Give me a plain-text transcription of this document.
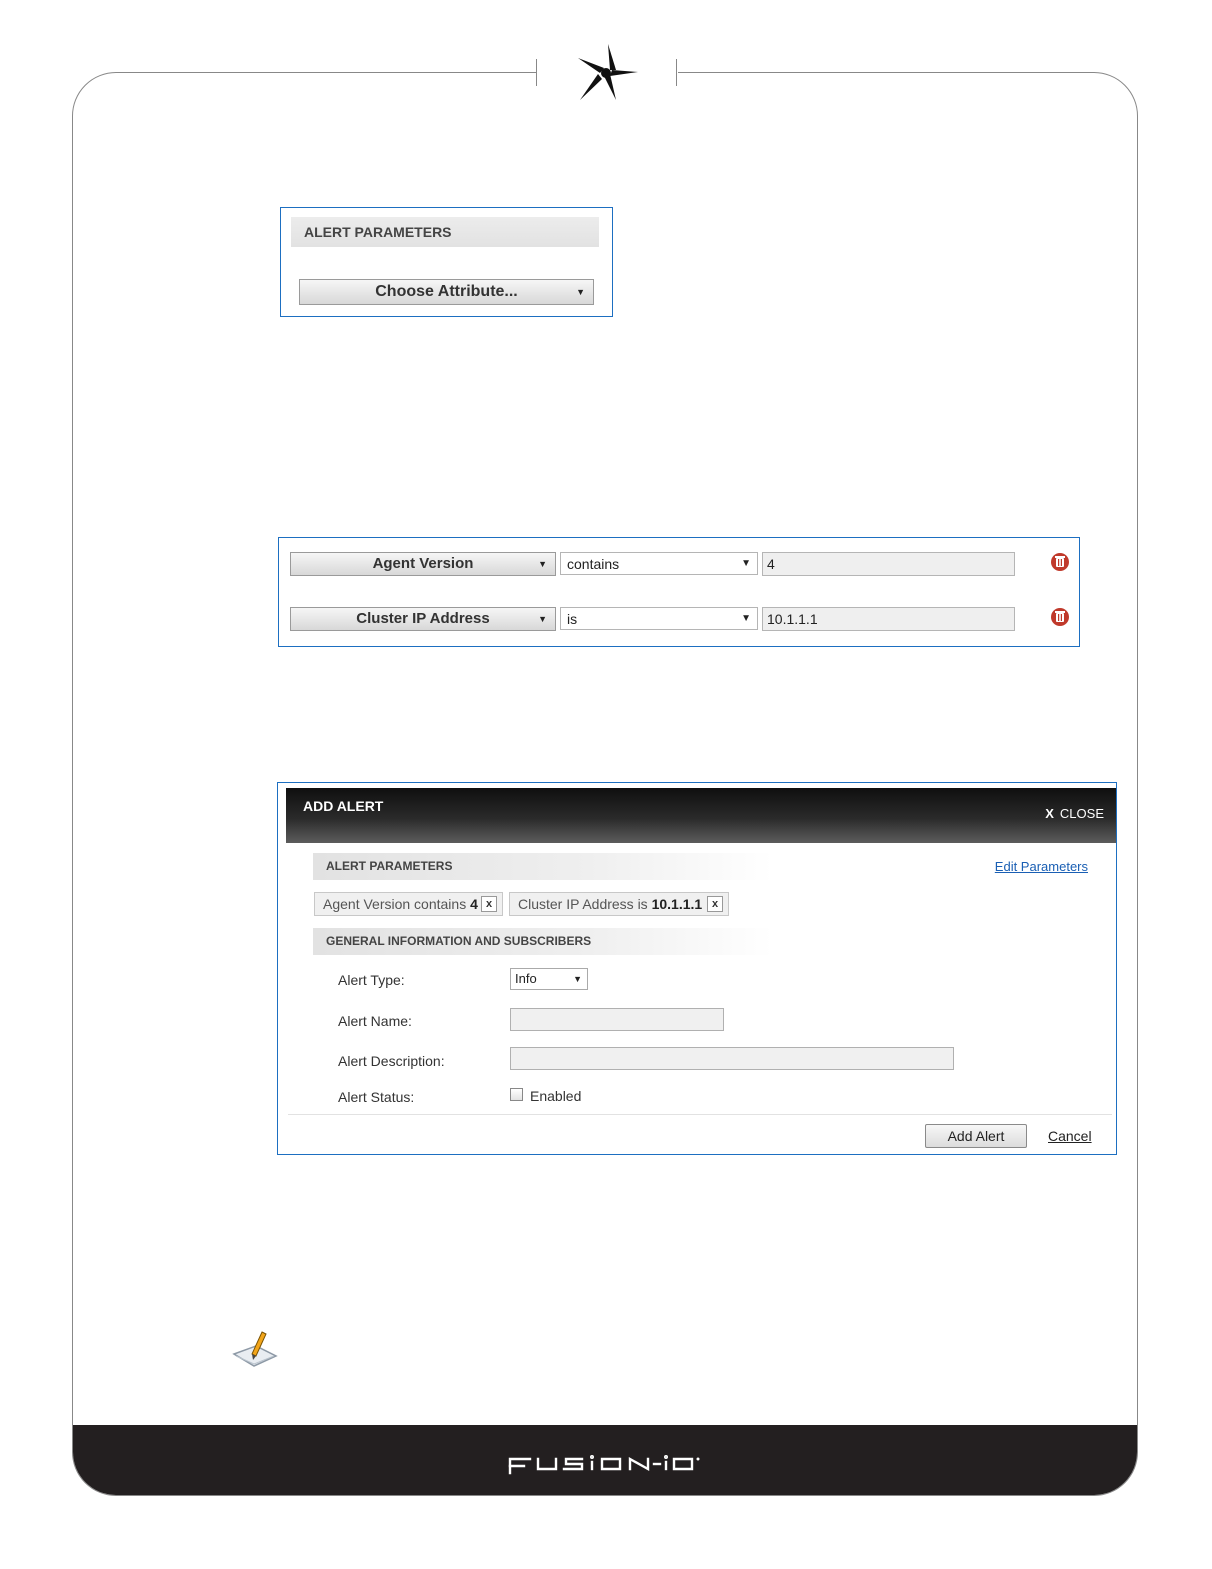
ALERT PARAMETERS
Choose Attribute...	▼
Agent Version	▼	contains	▼	4
Cluster IP Address	▼	is	▼	10.1.1.1
ADD ALERT	X CLOSE
ALERT PARAMETERS	Edit Parameters
Agent Version contains 4 x	Cluster IP Address is 10.1.1.1 x
GENERAL INFORMATION AND SUBSCRIBERS
Alert Type:	Info	▼
Alert Name:
Alert Description:
Alert Status:	Enabled
Add Alert	Cancel
